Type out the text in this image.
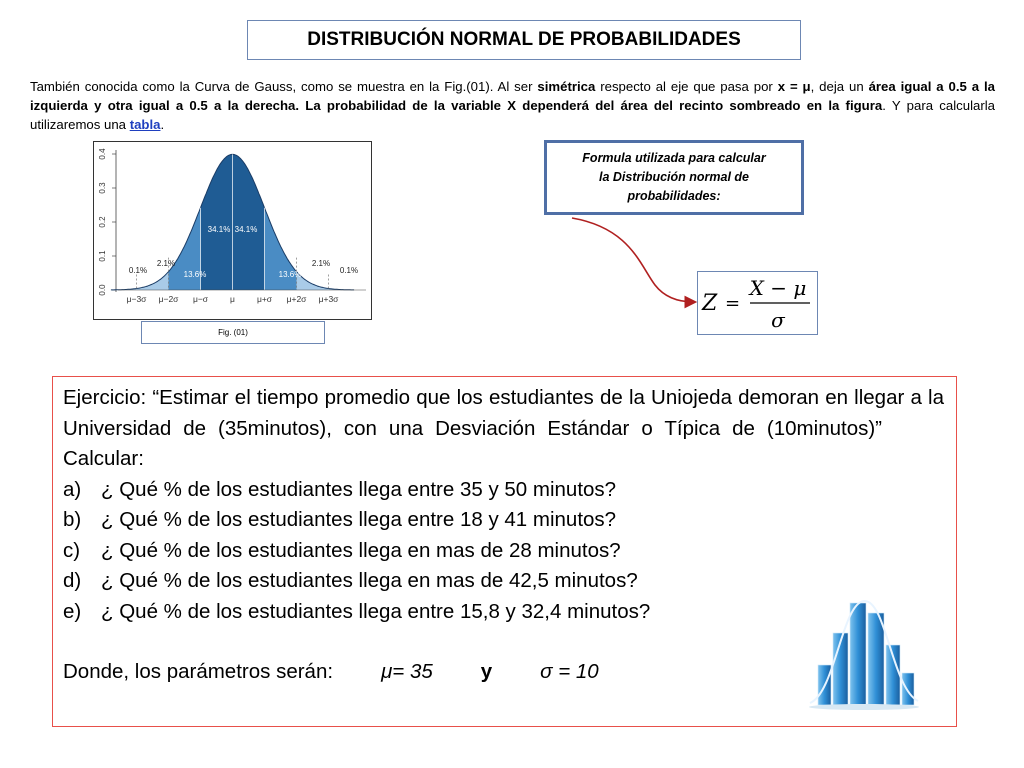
DISTRIBUCIÓN NORMAL DE PROBABILIDADES
También conocida como la Curva de Gauss, como se muestra en la Fig.(01). Al ser simétrica respecto al eje que pasa por x = μ, deja un área igual a 0.5 a la izquierda y otra igual a 0.5 a la derecha. La probabilidad de la variable X dependerá del área del recinto sombreado en la figura. Y para calcularla utilizaremos una tabla.
0.0
0.1
0.2
0.3
0.4
μ−3σ μ−2σ μ−σ	μ	μ+σ μ+2σ μ+3σ
34.1% 34.1%
13.6%	13.6%
2.1%	2.1%
0.1%	0.1%
Fig. (01)
Formula utilizada para calcular
la Distribución normal de
probabilidades:
Z =
X − μ
σ
Ejercicio: “Estimar el tiempo promedio que los estudiantes de la Uniojeda demoran en llegar a la Universidad de (35minutos), con una Desviación Estándar o Típica de (10minutos)”Calcular:
a) ¿ Qué % de los estudiantes llega entre 35 y 50 minutos?
b) ¿ Qué % de los estudiantes llega entre 18 y 41 minutos?
c)	¿ Qué % de los estudiantes llega en mas de 28 minutos?
d) ¿ Qué % de los estudiantes llega en mas de 42,5 minutos?
e) ¿ Qué % de los estudiantes llega entre 15,8 y 32,4 minutos?
Donde, los parámetros serán: μ= 35 y σ = 10
